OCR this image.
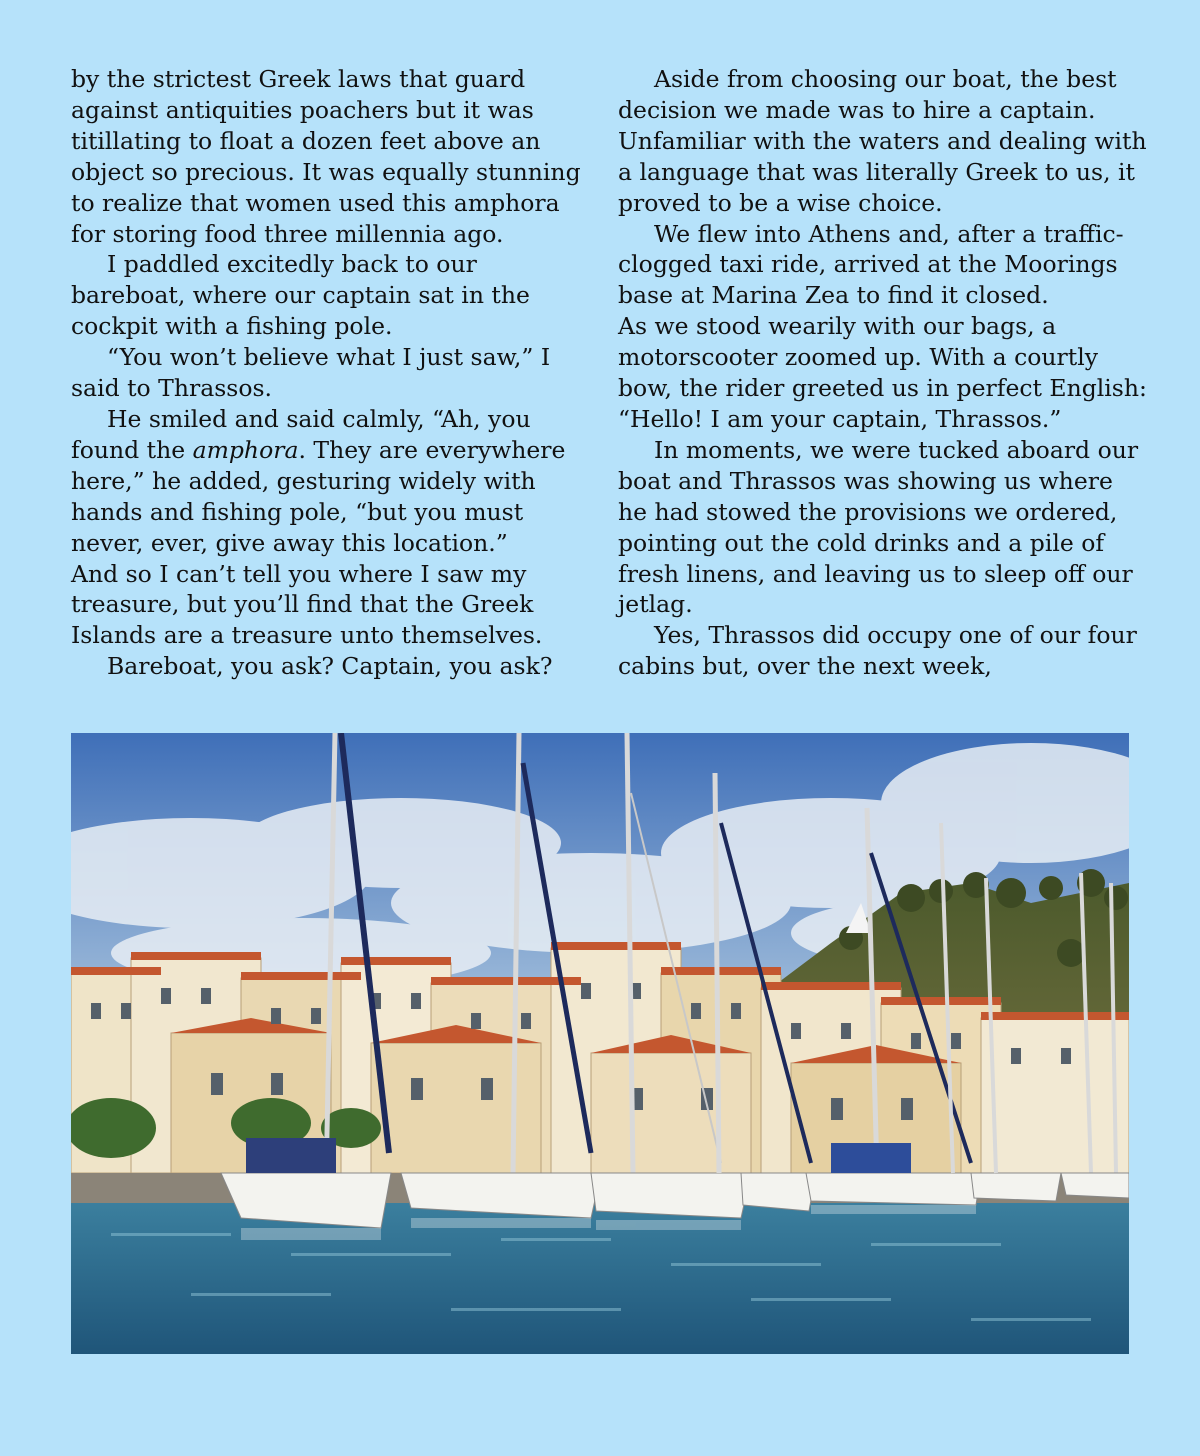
by the strictest Greek laws that guard against antiquities poachers but it was titillating to float a dozen feet above an object so precious. It was equally stunning to realize that women used this amphora for storing food three millennia ago.

I paddled excitedly back to our bareboat, where our captain sat in the cockpit with a fishing pole.

“You won’t believe what I just saw,” I said to Thrassos.

He smiled and said calmly, “Ah, you found the amphora. They are everywhere here,” he added, gesturing widely with hands and fishing pole, “but you must never, ever, give away this location.”

And so I can’t tell you where I saw my treasure, but you’ll find that the Greek Islands are a treasure unto themselves.

Bareboat, you ask? Captain, you ask?

Aside from choosing our boat, the best decision we made was to hire a captain. Unfamiliar with the waters and dealing with a language that was literally Greek to us, it proved to be a wise choice.

We flew into Athens and, after a traffic-clogged taxi ride, arrived at the Moorings base at Marina Zea to find it closed.

As we stood wearily with our bags, a motorscooter zoomed up. With a courtly bow, the rider greeted us in perfect English: “Hello! I am your captain, Thrassos.”

In moments, we were tucked aboard our boat and Thrassos was showing us where he had stowed the provisions we ordered, pointing out the cold drinks and a pile of fresh linens, and leaving us to sleep off our jetlag.

Yes, Thrassos did occupy one of our four cabins but, over the next week,
